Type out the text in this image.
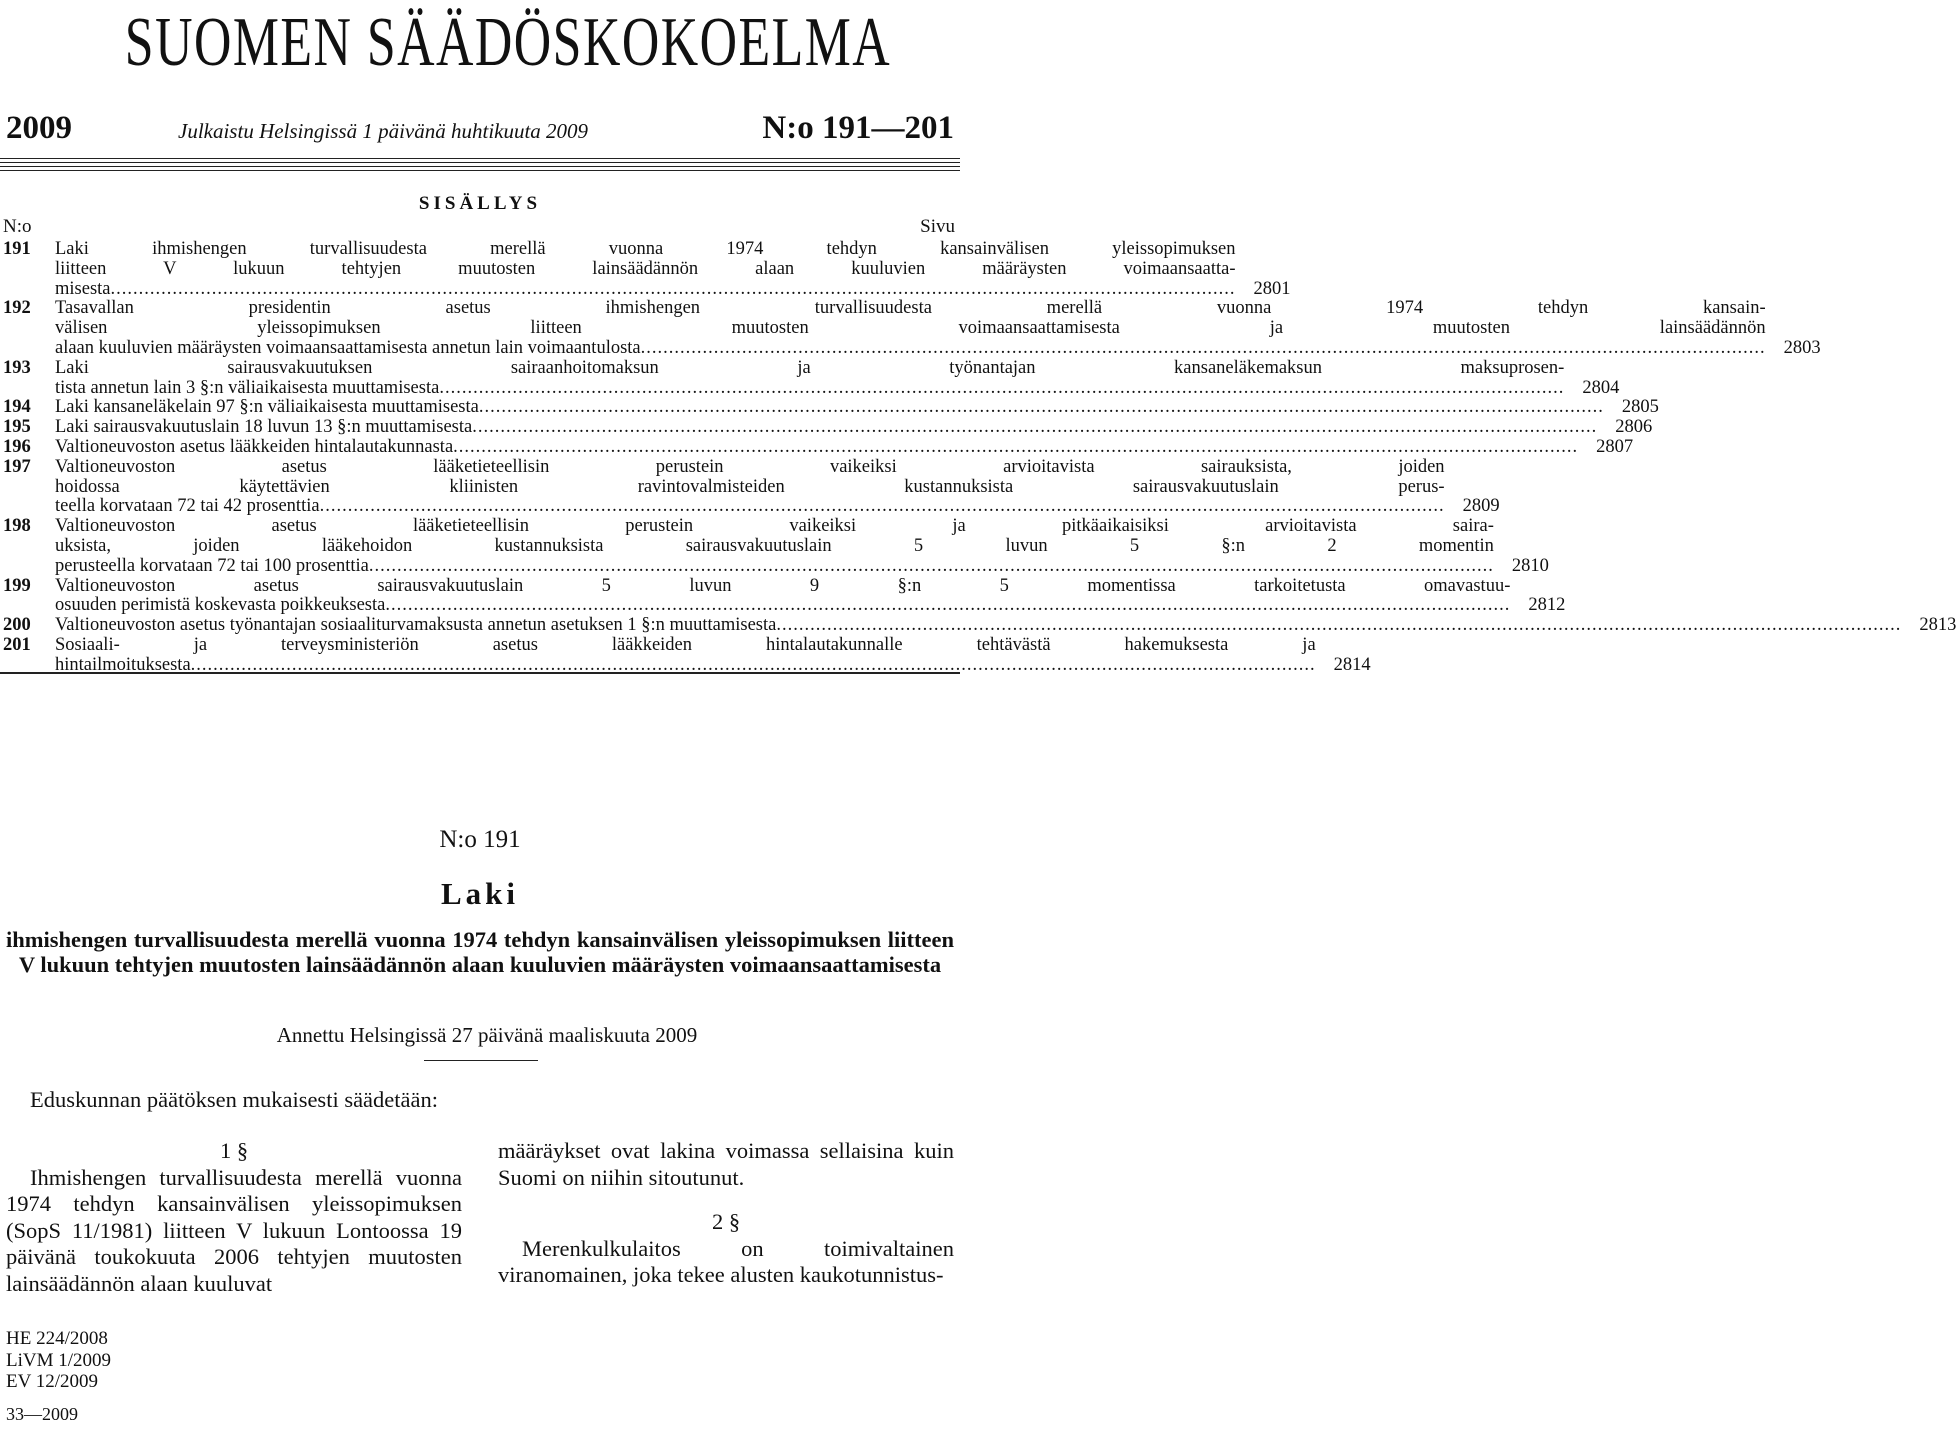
SUOMEN SÄÄDÖSKOKOELMA
2009	Julkaistu Helsingissä 1 päivänä huhtikuuta 2009	N:o 191—201
SISÄLLYS
N:o	Sivu
191	Laki ihmishengen turvallisuudesta merellä vuonna 1974 tehdyn kansainvälisen yleissopimuksen
liitteen V lukuun tehtyjen muutosten lainsäädännön alaan kuuluvien määräysten voimaansaatta-
misesta ........................................................................................................................................................................................................ 2801
192	Tasavallan presidentin asetus ihmishengen turvallisuudesta merellä vuonna 1974 tehdyn kansain-
välisen yleissopimuksen liitteen muutosten voimaansaattamisesta ja muutosten lainsäädännön
alaan kuuluvien määräysten voimaansaattamisesta annetun lain voimaantulosta ........................................................................................................................................................................................................ 2803
193	Laki sairausvakuutuksen sairaanhoitomaksun ja työnantajan kansaneläkemaksun maksuprosen-
tista annetun lain 3 §:n väliaikaisesta muuttamisesta ........................................................................................................................................................................................................ 2804
194	Laki kansaneläkelain 97 §:n väliaikaisesta muuttamisesta ........................................................................................................................................................................................................ 2805
195	Laki sairausvakuutuslain 18 luvun 13 §:n muuttamisesta ........................................................................................................................................................................................................ 2806
196	Valtioneuvoston asetus lääkkeiden hintalautakunnasta ........................................................................................................................................................................................................ 2807
197	Valtioneuvoston asetus lääketieteellisin perustein vaikeiksi arvioitavista sairauksista, joiden
hoidossa käytettävien kliinisten ravintovalmisteiden kustannuksista sairausvakuutuslain perus-
teella korvataan 72 tai 42 prosenttia ........................................................................................................................................................................................................ 2809
198	Valtioneuvoston asetus lääketieteellisin perustein vaikeiksi ja pitkäaikaisiksi arvioitavista saira-
uksista, joiden lääkehoidon kustannuksista sairausvakuutuslain 5 luvun 5 §:n 2 momentin
perusteella korvataan 72 tai 100 prosenttia ........................................................................................................................................................................................................ 2810
199	Valtioneuvoston asetus sairausvakuutuslain 5 luvun 9 §:n 5 momentissa tarkoitetusta omavastuu-
osuuden perimistä koskevasta poikkeuksesta ........................................................................................................................................................................................................ 2812
200	Valtioneuvoston asetus työnantajan sosiaaliturvamaksusta annetun asetuksen 1 §:n muuttamisesta ........................................................................................................................................................................................................ 2813
201	Sosiaali- ja terveysministeriön asetus lääkkeiden hintalautakunnalle tehtävästä hakemuksesta ja
hintailmoituksesta ........................................................................................................................................................................................................ 2814
N:o 191
Laki
ihmishengen turvallisuudesta merellä vuonna 1974 tehdyn kansainvälisen yleissopimuksen liitteen V lukuun tehtyjen muutosten lainsäädännön alaan kuuluvien määräysten voimaansaattamisesta
Annettu Helsingissä 27 päivänä maaliskuuta 2009
Eduskunnan päätöksen mukaisesti säädetään:

1 §

Ihmishengen turvallisuudesta merellä vuonna 1974 tehdyn kansainvälisen yleissopimuksen (SopS 11/1981) liitteen V lukuun Lontoossa 19 päivänä toukokuuta 2006 tehtyjen muutosten lainsäädännön alaan kuuluvat

määräykset ovat lakina voimassa sellaisina kuin Suomi on niihin sitoutunut.

2 §

Merenkulkulaitos on toimivaltainen viranomainen, joka tekee alusten kaukotunnistus-

HE 224/2008
LiVM 1/2009
EV 12/2009
33—2009
